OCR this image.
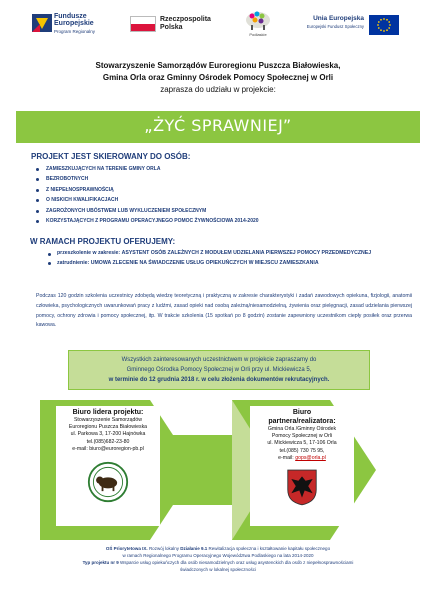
Fundusze
Europejskie
Program Regionalny
Rzeczpospolita
Polska
Podlaskie
Unia Europejska
Europejski Fundusz Społeczny
Stowarzyszenie Samorządów Euroregionu Puszcza Białowieska,
Gmina Orla oraz Gminny Ośrodek Pomocy Społecznej w Orli
zaprasza do udziału w projekcie:
„ŻYĆ SPRAWNIEJ”
PROJEKT JEST SKIEROWANY DO OSÓB:
ZAMIESZKUJĄCYCH NA TERENIE GMINY ORLA
BEZROBOTNYCH
Z NIEPEŁNOSPRAWNOŚCIĄ
O NISKICH KWALIFIKACJACH
ZAGROŻONYCH UBÓSTWEM LUB WYKLUCZENIEM SPOŁECZNYM
KORZYSTAJĄCYCH Z PROGRAMU OPERACYJNEGO POMOC ŻYWNOŚCIOWA 2014-2020
W RAMACH PROJEKTU OFERUJEMY:
przeszkolenie w zakresie: ASYSTENT OSÓB ZALEŻNYCH Z MODUŁEM UDZIELANIA PIERWSZEJ POMOCY PRZEDMEDYCZNEJ
zatrudnienie: UMOWA ZLECENIE NA ŚWIADCZENIE USŁUG OPIEKUŃCZYCH W MIEJSCU ZAMIESZKANIA
Podczas 120 godzin szkolenia uczestnicy zdobędą wiedzę teoretyczną i praktyczną w zakresie charakterystyki i zadań zawodowych opiekuna, fizjologii, anatomii człowieka, psychologicznych uwarunkowań pracy z ludźmi, zasad opieki nad osobą zależną/niesamodzielną, żywienia oraz pielęgnacji, zasad udzielania pierwszej pomocy, ochrony zdrowia i pomocy społecznej, itp. W trakcie szkolenia (15 spotkań po 8 godzin) zostanie zapewniony uczestnikom ciepły posiłek oraz przerwa kawowa.
Wszystkich zainteresowanych uczestnictwem w projekcie zapraszamy do
Gminnego Ośrodka Pomocy Społecznej w Orli przy ul. Mickiewicza 5,
w terminie do 12 grudnia 2018 r. w celu złożenia dokumentów rekrutacyjnych.
Biuro lidera projektu:
Stowarzyszenie Samorządów
Euroregionu Puszcza Białowieska
ul. Parkowa 3, 17-200 Hajnówka
tel.(085)682-23-80
e-mail: biuro@euroregion-pb.pl
Biuro
partnera/realizatora:
Gmina Orla /Gminny Ośrodek
Pomocy Społecznej w Orli
ul. Mickiewicza 5, 17-106 Orla
tel.(085) 730 75 95,
e-mail: gops@orla.pl
OŚ Priorytetowa IX. Rozwój lokalny Działanie 9.1 Rewitalizacja społeczna i kształtowanie kapitału społecznego
w ramach Regionalnego Programu Operacyjnego Województwa Podlaskiego na lata 2014-2020
Typ projektu nr 9 Wsparcie usług opiekuńczych dla osób niesamodzielnych oraz usług asystenckich dla osób z niepełnosprawnościami
świadczonych w lokalnej społeczności
